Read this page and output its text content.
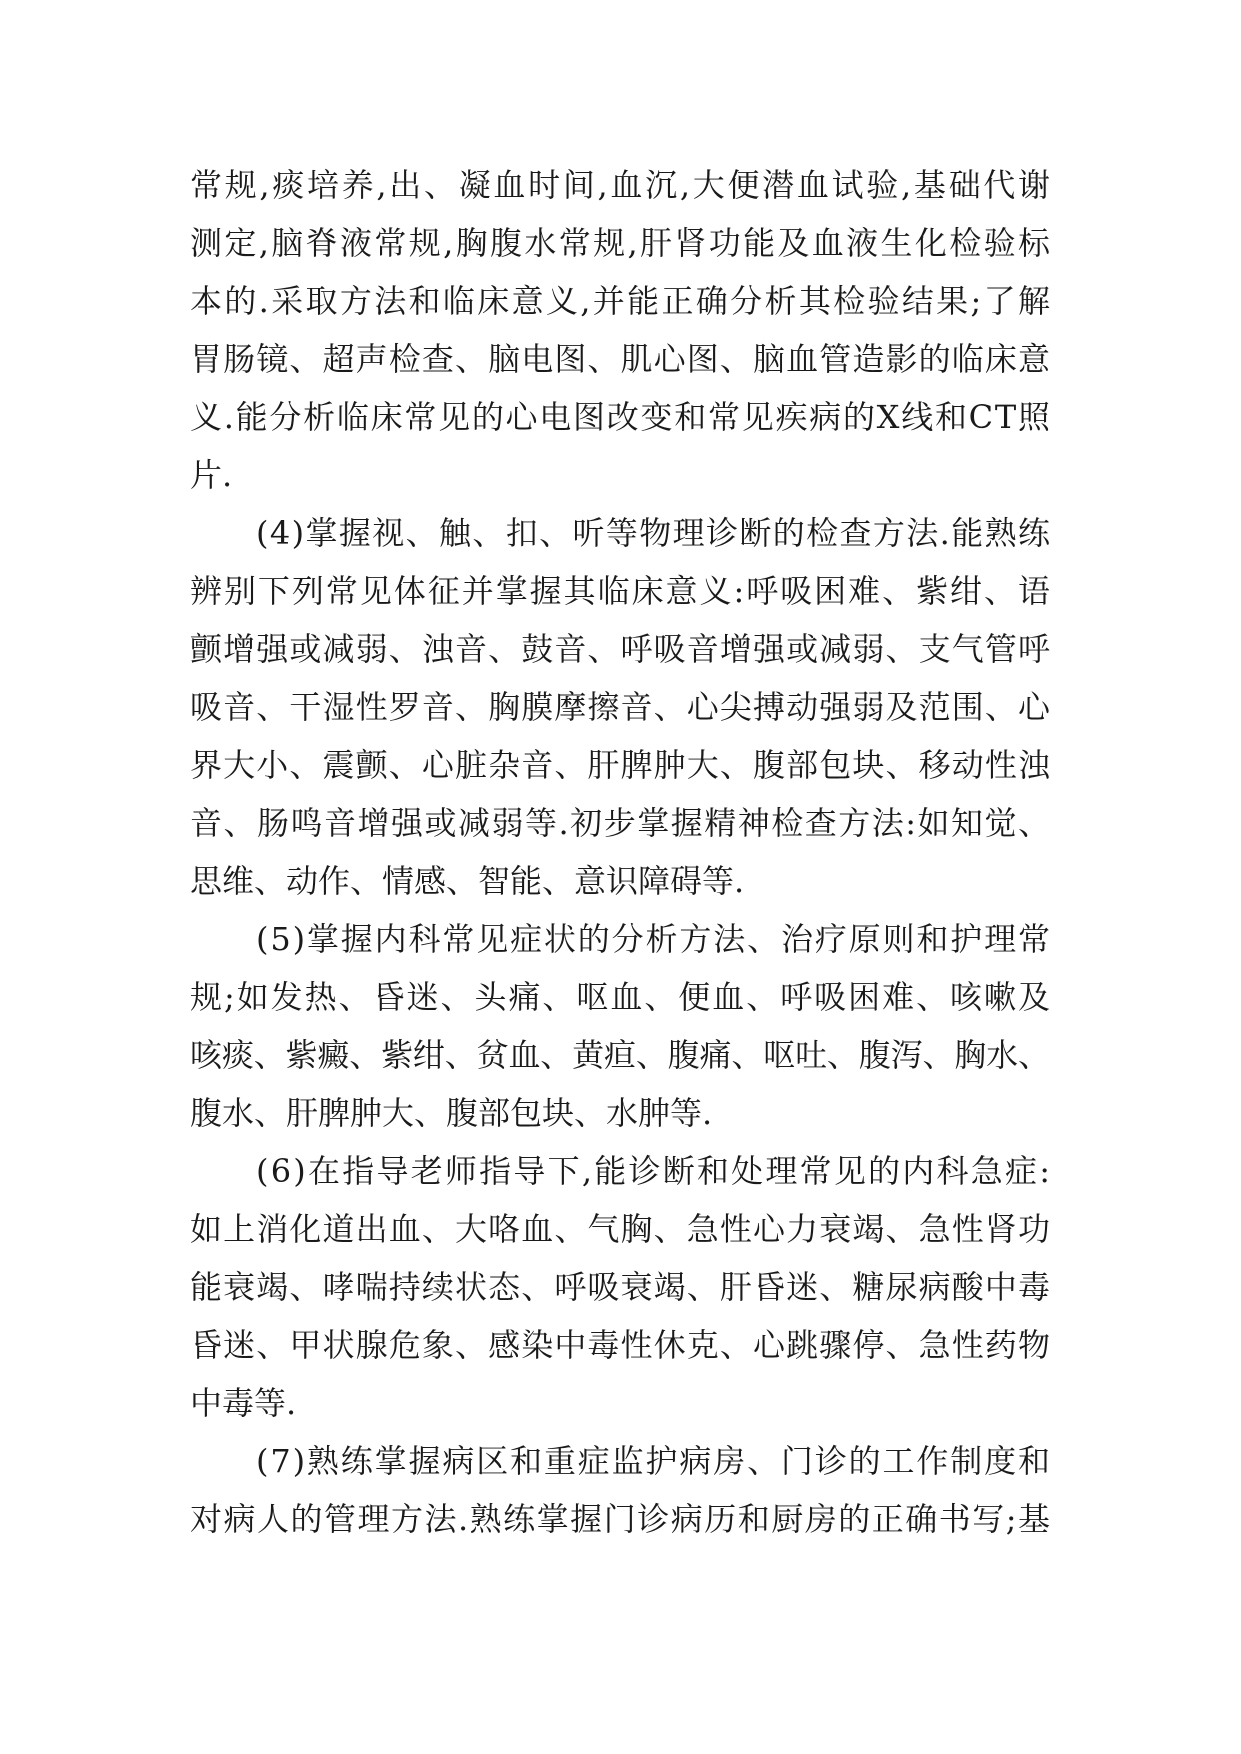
常规,痰培养,出、凝血时间,血沉,大便潜血试验,基础代谢
测定,脑脊液常规,胸腹水常规,肝肾功能及血液生化检验标
本的.采取方法和临床意义,并能正确分析其检验结果;了解
胃肠镜、超声检查、脑电图、肌心图、脑血管造影的临床意
义.能分析临床常见的心电图改变和常见疾病的X线和CT照
片.
(4)掌握视、触、扣、听等物理诊断的检查方法.能熟练
辨别下列常见体征并掌握其临床意义:呼吸困难、紫绀、语
颤增强或减弱、浊音、鼓音、呼吸音增强或减弱、支气管呼
吸音、干湿性罗音、胸膜摩擦音、心尖搏动强弱及范围、心
界大小、震颤、心脏杂音、肝脾肿大、腹部包块、移动性浊
音、肠鸣音增强或减弱等.初步掌握精神检查方法:如知觉、
思维、动作、情感、智能、意识障碍等.
(5)掌握内科常见症状的分析方法、治疗原则和护理常
规;如发热、昏迷、头痛、呕血、便血、呼吸困难、咳嗽及
咳痰、紫癜、紫绀、贫血、黄疸、腹痛、呕吐、腹泻、胸水、
腹水、肝脾肿大、腹部包块、水肿等.
(6)在指导老师指导下,能诊断和处理常见的内科急症:
如上消化道出血、大咯血、气胸、急性心力衰竭、急性肾功
能衰竭、哮喘持续状态、呼吸衰竭、肝昏迷、糖尿病酸中毒
昏迷、甲状腺危象、感染中毒性休克、心跳骤停、急性药物
中毒等.
(7)熟练掌握病区和重症监护病房、门诊的工作制度和
对病人的管理方法.熟练掌握门诊病历和厨房的正确书写;基
